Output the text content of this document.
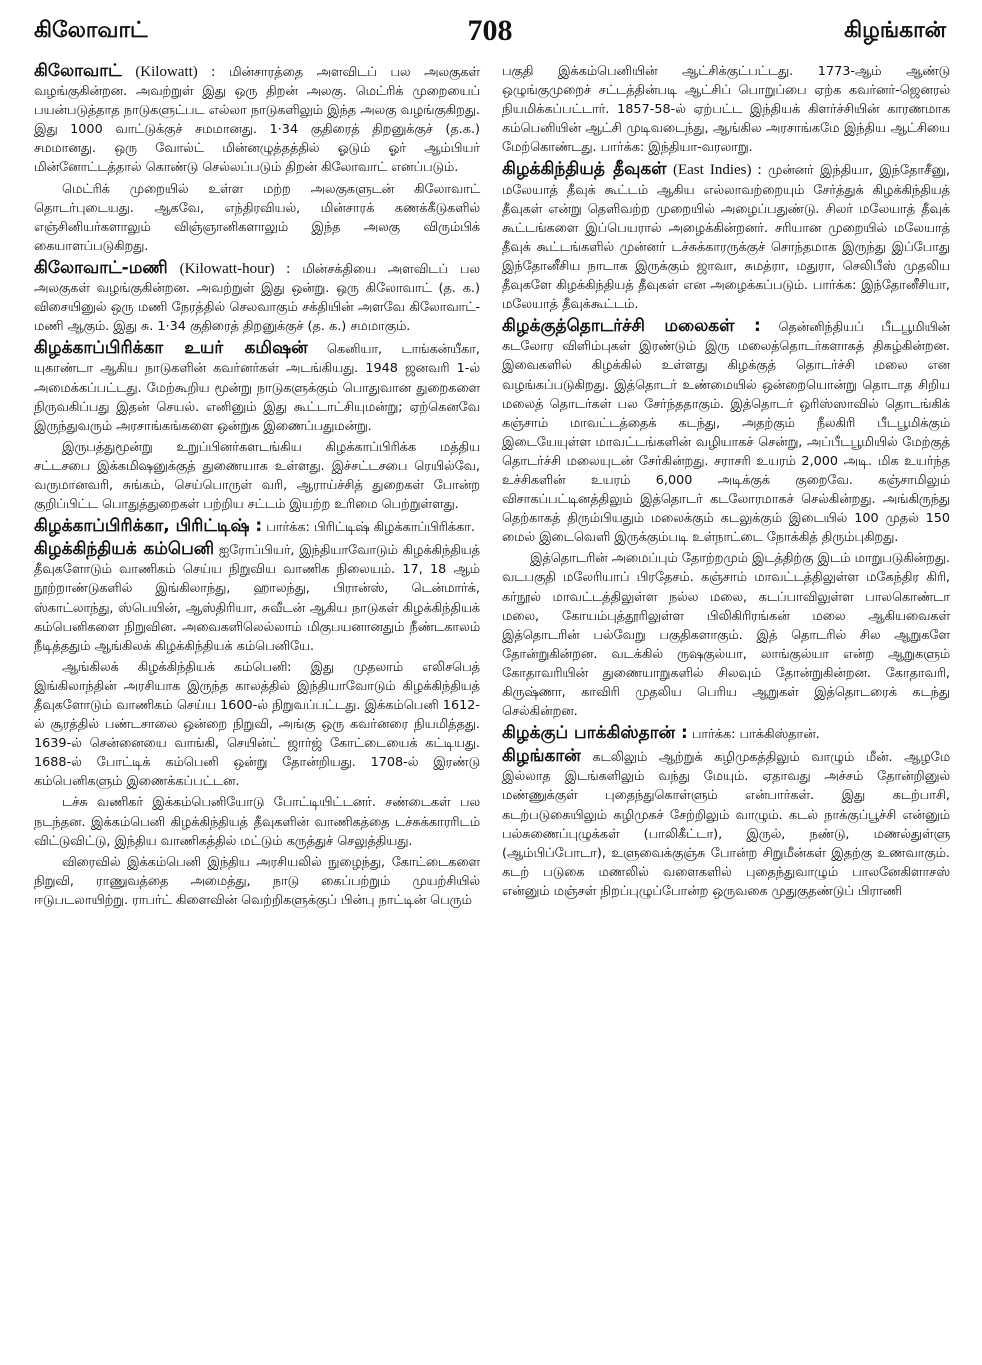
கிலோவாட்	708	கிழங்கான்

கிலோவாட் (Kilowatt) : மின்சாரத்தை அளவிடப் பல அலகுகள் வழங்குகின்றன. அவற்றுள் இது ஒரு திறன் அலகு. மெட்ரிக் முறையைப் பயன்படுத்தாத நாடுகளுட்பட எல்லா நாடுகளிலும் இந்த அலகு வழங்குகிறது. இது 1000 வாட்டுக்குச் சமமானது. 1·34 குதிரைத் திறனுக்குச் (த.க.) சமமானது. ஒரு வோல்ட் மின்னழுத்தத்தில் ஓடும் ஓர் ஆம்பியர் மின்னோட்டத்தால் கொண்டு செல்லப்படும் திறன் கிலோவாட் எனப்படும்.

மெட்ரிக் முறையில் உள்ள மற்ற அலகுகளுடன் கிலோவாட் தொடர்புடையது. ஆகவே, எந்திரவியல், மின்சாரக் கணக்கீடுகளில் எஞ்சினியர்களாலும் விஞ்ஞானிகளாலும் இந்த அலகு விரும்பிக் கையாளப்படுகிறது.

கிலோவாட்-மணி (Kilowatt-hour) : மின்சக்தியை அளவிடப் பல அலகுகள் வழங்குகின்றன. அவற்றுள் இது ஒன்று. ஒரு கிலோவாட் (த. க.) விசையினுல் ஒரு மணி நேரத்தில் செலவாகும் சக்தியின் அளவே கிலோவாட்-மணி ஆகும். இது சு. 1·34 குதிரைத் திறனுக்குச் (த. க.) சமமாகும்.

கிழக்காப்பிரிக்கா உயர் கமிஷன் கெனியா, டாங்கன்யீகா, யுகாண்டா ஆகிய நாடுகளின் கவர்னர்கள் அடங்கியது. 1948 ஜனவரி 1-ல் அமைக்கப்பட்டது. மேற்கூறிய மூன்று நாடுகளுக்கும் பொதுவான துறைகளை நிருவகிப்பது இதன் செயல். எனினும் இது கூட்டாட்சியுமன்று; ஏற்கெனவே இருந்துவரும் அரசாங்கங்களை ஒன்றுக இணைப்பதுமன்று.

இருபத்துமூன்று உறுப்பினர்களடங்கிய கிழக்காப்பிரிக்க மத்திய சட்டசபை இக்கமிஷனுக்குத் துணையாக உள்ளது. இச்சட்டசபை ரெயில்வே, வருமானவரி, சுங்கம், செய்பொருள் வரி, ஆராய்ச்சித் துறைகள் போன்ற குறிப்பிட்ட பொதுத்துறைகள் பற்றிய சட்டம் இயற்ற உரிமை பெற்றுள்ளது.

கிழக்காப்பிரிக்கா, பிரிட்டிஷ் : பார்க்க: பிரிட்டிஷ் கிழக்காப்பிரிக்கா.

கிழக்கிந்தியக் கம்பெனி ஐரோப்பியர், இந்தியாவோடும் கிழக்கிந்தியத் தீவுகளோடும் வாணிகம் செய்ய நிறுவிய வாணிக நிலையம். 17, 18 ஆம் நூற்றாண்டுகளில் இங்கிலாந்து, ஹாலந்து, பிரான்ஸ், டென்மார்க், ஸ்காட்லாந்து, ஸ்பெயின், ஆஸ்திரியா, சுவீடன் ஆகிய நாடுகள் கிழக்கிந்தியக் கம்பெனிகளை நிறுவின. அவைகளிலெல்லாம் மிகுபயனானதும் நீண்டகாலம் நீடித்ததும் ஆங்கிலக் கிழக்கிந்தியக் கம்பெனியே.

ஆங்கிலக் கிழக்கிந்தியக் கம்பெனி: இது முதலாம் எலிசபெத் இங்கிலாந்தின் அரசியாக இருந்த காலத்தில் இந்தியாவோடும் கிழக்கிந்தியத் தீவுகளோடும் வாணிகம் செய்ய 1600-ல் நிறுவப்பட்டது. இக்கம்பெனி 1612-ல் சூரத்தில் பண்டசாலை ஒன்றை நிறுவி, அங்கு ஒரு கவர்னரை நியமித்தது. 1639-ல் சென்னையை வாங்கி, செயின்ட் ஜார்ஜ் கோட்டையைக் கட்டியது. 1688-ல் போட்டிக் கம்பெனி ஒன்று தோன்றியது. 1708-ல் இரண்டு கம்பெனிகளும் இணைக்கப்பட்டன.

டச்சு வணிகர் இக்கம்பெனியோடு போட்டியிட்டனர். சண்டைகள் பல நடந்தன. இக்கம்பெனி கிழக்கிந்தியத் தீவுகளின் வாணிகத்தை டச்சுக்காரரிடம் விட்டுவிட்டு, இந்திய வாணிகத்தில் மட்டும் கருத்துச் செலுத்தியது.

விரைவில் இக்கம்பெனி இந்திய அரசியலில் நுழைந்து, கோட்டைகளை நிறுவி, ராணுவத்தை அமைத்து, நாடு கைப்பற்றும் முயற்சியில் ஈடுபடலாயிற்று. ராபர்ட் கிளைவின் வெற்றிகளுக்குப் பின்பு நாட்டின் பெரும்

பகுதி இக்கம்பெனியின் ஆட்சிக்குட்பட்டது. 1773-ஆம் ஆண்டு ஒழுங்குமுறைச் சட்டத்தின்படி ஆட்சிப் பொறுப்பை ஏற்க கவர்னர்-ஜெனரல் நியமிக்கப்பட்டார். 1857-58-ல் ஏற்பட்ட இந்தியக் கிளர்ச்சியின் காரணமாக கம்பெனியின் ஆட்சி முடிவடைந்து, ஆங்கில அரசாங்கமே இந்திய ஆட்சியை மேற்கொண்டது. பார்க்க: இந்தியா-வரலாறு.

கிழக்கிந்தியத் தீவுகள் (East Indies) : முன்னர் இந்தியா, இந்தோசீனு, மலேயாத் தீவுக் கூட்டம் ஆகிய எல்லாவற்றையும் சேர்த்துக் கிழக்கிந்தியத் தீவுகள் என்று தெளிவற்ற முறையில் அழைப்பதுண்டு. சிலர் மலேயாத் தீவுக் கூட்டங்களை இப்பெயரால் அழைக்கின்றனர். சரியான முறையில் மலேயாத் தீவுக் கூட்டங்களில் முன்னர் டச்சுக்காரருக்குச் சொந்தமாக இருந்து இப்போது இந்தோனீசிய நாடாக இருக்கும் ஜாவா, சுமத்ரா, மதுரா, செலிபீஸ் முதலிய தீவுகளே கிழக்கிந்தியத் தீவுகள் என அழைக்கப்படும். பார்க்க: இந்தோனீசியா, மலேயாத் தீவுக்கூட்டம்.

கிழக்குத்தொடர்ச்சி மலைகள் : தென்னிந்தியப் பீடபூமியின் கடலோர விளிம்புகள் இரண்டும் இரு மலைத்தொடர்களாகத் திகழ்கின்றன. இவைகளில் கிழக்கில் உள்ளது கிழக்குத் தொடர்ச்சி மலை என வழங்கப்படுகிறது. இத்தொடர் உண்மையில் ஒன்றையொன்று தொடாத சிறிய மலைத் தொடர்கள் பல சேர்ந்ததாகும். இத்தொடர் ஒரிஸ்ஸாவில் தொடங்கிக் கஞ்சாம் மாவட்டத்தைக் கடந்து, அதற்கும் நீலகிரி பீடபூமிக்கும் இடையேயுள்ள மாவட்டங்களின் வழியாகச் சென்று, அப்பீடபூமியில் மேற்குத் தொடர்ச்சி மலையுடன் சேர்கின்றது. சராசரி உயரம் 2,000 அடி. மிக உயர்ந்த உச்சிகளின் உயரம் 6,000 அடிக்குக் குறைவே. கஞ்சாமிலும் விசாகப்பட்டினத்திலும் இத்தொடர் கடலோரமாகச் செல்கின்றது. அங்கிருந்து தெற்காகத் திரும்பியதும் மலைக்கும் கடலுக்கும் இடையில் 100 முதல் 150 மைல் இடைவெளி இருக்கும்படி உள்நாட்டை நோக்கித் திரும்புகிறது.

இத்தொடரின் அமைப்பும் தோற்றமும் இடத்திற்கு இடம் மாறுபடுகின்றது. வடபகுதி மலேரியாப் பிரதேசம். கஞ்சாம் மாவட்டத்திலுள்ள மகேந்திர கிரி, கர்நூல் மாவட்டத்திலுள்ள நல்ல மலை, கடப்பாவிலுள்ள பாலகொண்டா மலை, கோயம்புத்தூரிலுள்ள பிலிகிரிரங்கன் மலை ஆகியவைகள் இத்தொடரின் பல்வேறு பகுதிகளாகும். இத் தொடரில் சில ஆறுகளே தோன்றுகின்றன. வடக்கில் ருஷகுல்யா, லாங்குல்யா என்ற ஆறுகளும் கோதாவரியின் துணையாறுகளில் சிலவும் தோன்றுகின்றன. கோதாவரி, கிருஷ்ணா, காவிரி முதலிய பெரிய ஆறுகள் இத்தொடரைக் கடந்து செல்கின்றன.

கிழக்குப் பாக்கிஸ்தான் : பார்க்க: பாக்கிஸ்தான்.

கிழங்கான் கடலிலும் ஆற்றுக் கழிமுகத்திலும் வாழும் மீன். ஆழமே இல்லாத இடங்களிலும் வந்து மேயும். ஏதாவது அச்சம் தோன்றினுல் மண்ணுக்குள் புதைந்துகொள்ளும் என்பார்கள். இது கடற்பாசி, கடற்படுகையிலும் கழிமுகச் சேற்றிலும் வாழும். கடல் நாக்குப்பூச்சி என்னும் பல்சுணைப்புழுக்கள் (பாலிகீட்டா), இருல், நண்டு, மணல்துள்ளு (ஆம்பிப்போடா), உளுவைக்குஞ்சு போன்ற சிறுமீன்கள் இதற்கு உணவாகும். கடற் படுகை மணலில் வளைகளில் புதைந்துவாழும் பாலனேகிளாசஸ் என்னும் மஞ்சள் நிறப்புழுப்போன்ற ஒருவகை முதுகுதண்டுப் பிராணி
